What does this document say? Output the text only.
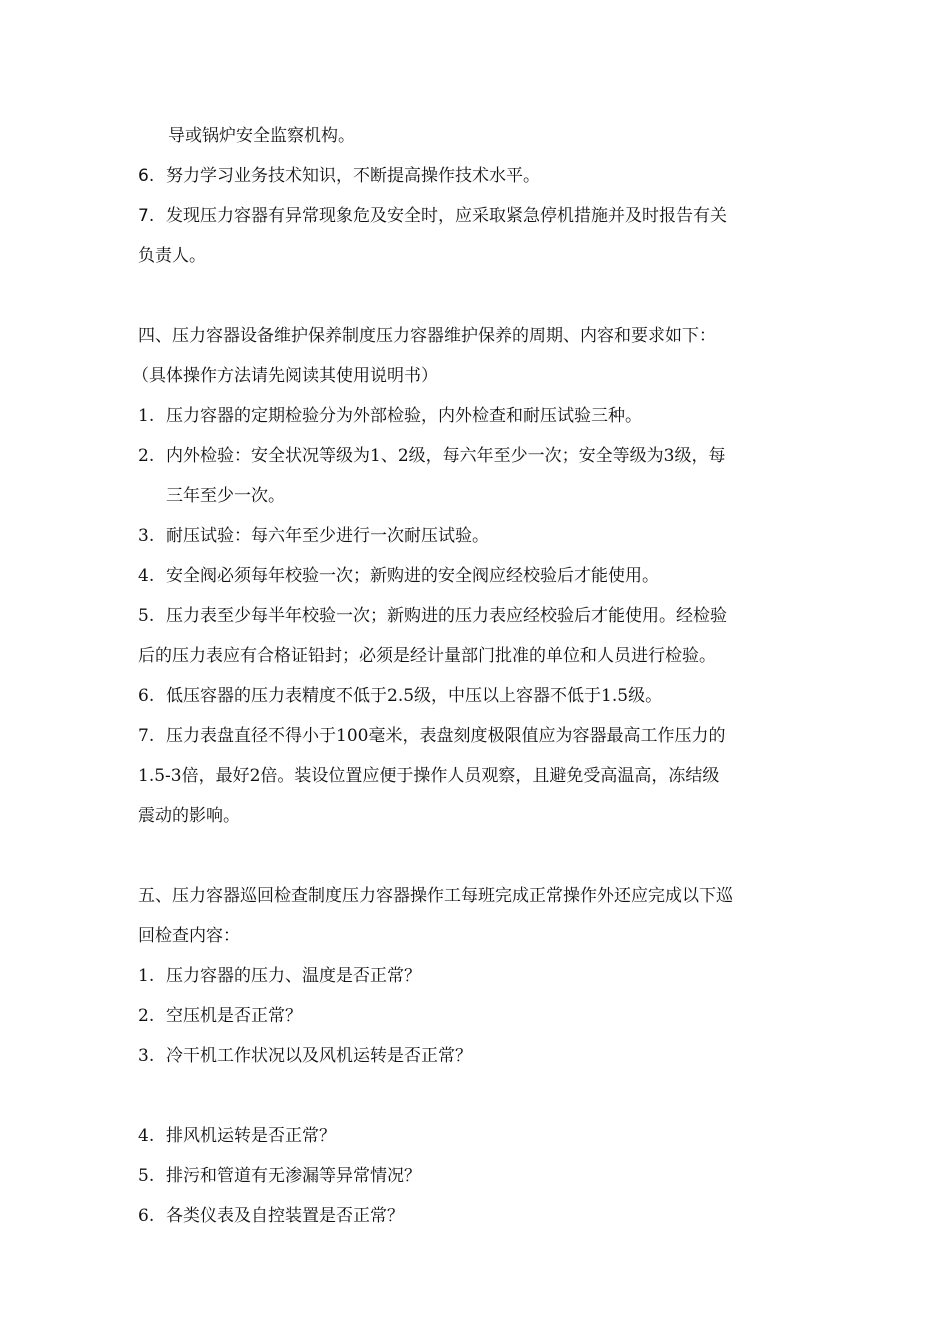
导或锅炉安全监察机构。
6. 努力学习业务技术知识，不断提高操作技术水平。
7. 发现压力容器有异常现象危及安全时，应采取紧急停机措施并及时报告有关
负责人。
四、压力容器设备维护保养制度压力容器维护保养的周期、内容和要求如下：
（具体操作方法请先阅读其使用说明书）
1. 压力容器的定期检验分为外部检验，内外检查和耐压试验三种。
2. 内外检验：安全状况等级为1、2级，每六年至少一次；安全等级为3级，每
三年至少一次。
3. 耐压试验：每六年至少进行一次耐压试验。
4. 安全阀必须每年校验一次；新购进的安全阀应经校验后才能使用。
5. 压力表至少每半年校验一次；新购进的压力表应经校验后才能使用。经检验
后的压力表应有合格证铅封；必须是经计量部门批准的单位和人员进行检验。
6. 低压容器的压力表精度不低于2.5级，中压以上容器不低于1.5级。
7. 压力表盘直径不得小于100毫米，表盘刻度极限值应为容器最高工作压力的
1.5-3倍，最好2倍。装设位置应便于操作人员观察，且避免受高温高，冻结级
震动的影响。
五、压力容器巡回检查制度压力容器操作工每班完成正常操作外还应完成以下巡
回检查内容：
1. 压力容器的压力、温度是否正常？
2. 空压机是否正常？
3. 冷干机工作状况以及风机运转是否正常？
4. 排风机运转是否正常？
5. 排污和管道有无渗漏等异常情况？
6. 各类仪表及自控装置是否正常？
